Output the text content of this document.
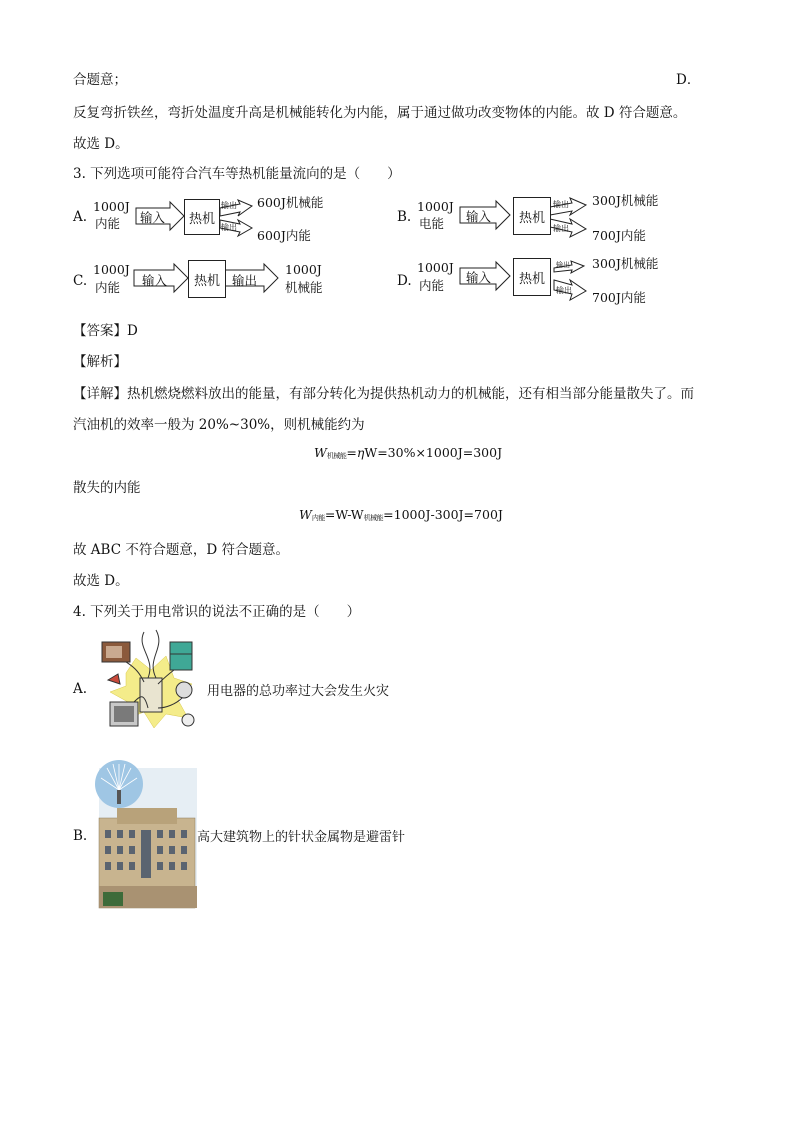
合题意；	D．
反复弯折铁丝，弯折处温度升高是机械能转化为内能，属于通过做功改变物体的内能。故 D 符合题意。
故选 D。
3. 下列选项可能符合汽车等热机能量流向的是（　　）
A.
1000J
内能 输入 热机
输出
输出
600J机械能
600J内能
B.
1000J
电能 输入 热机
输出
输出
300J机械能
700J内能
C.
1000J
内能 输入 热机 输出
1000J
机械能	D.
1000J
内能
输入 热机
输出
输出
300J机械能
700J内能
【答案】D
【解析】
【详解】热机燃烧燃料放出的能量，有部分转化为提供热机动力的机械能，还有相当部分能量散失了。而
汽油机的效率一般为 20%~30%，则机械能约为
W机械能=ηW=30%×1000J=300J
散失的内能
W内能=W-W机械能=1000J-300J=700J
故 ABC 不符合题意，D 符合题意。
故选 D。
4. 下列关于用电常识的说法不正确的是（　　）
A.	用电器的总功率过大会发生火灾
B.	高大建筑物上的针状金属物是避雷针
